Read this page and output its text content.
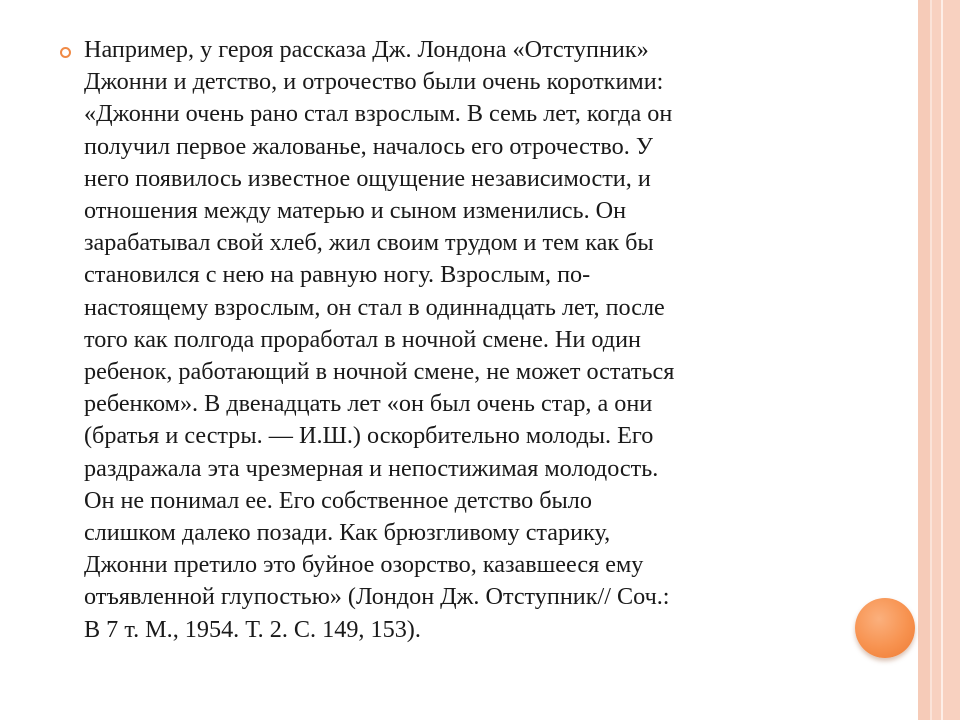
Например, у героя рассказа Дж. Лондона «Отступник»
Джонни и детство, и отрочество были очень короткими:
«Джонни очень рано стал взрослым. В семь лет, когда он
получил первое жалованье, началось его отрочество. У
него появилось известное ощущение независимости, и
отношения между матерью и сыном изменились. Он
зарабатывал свой хлеб, жил своим трудом и тем как бы
становился с нею на равную ногу. Взрослым, по-
настоящему взрослым, он стал в одиннадцать лет, после
того как полгода проработал в ночной смене. Ни один
ребенок, работающий в ночной смене, не может остаться
ребенком». В двенадцать лет «он был очень стар, а они
(братья и сестры. — И.Ш.) оскорбительно молоды. Его
раздражала эта чрезмерная и непостижимая молодость.
Он не понимал ее. Его собственное детство было
слишком далеко позади. Как брюзгливому старику,
Джонни претило это буйное озорство, казавшееся ему
отъявленной глупостью» (Лондон Дж. Отступник// Соч.:
В 7 т. М., 1954. Т. 2. С. 149, 153).
